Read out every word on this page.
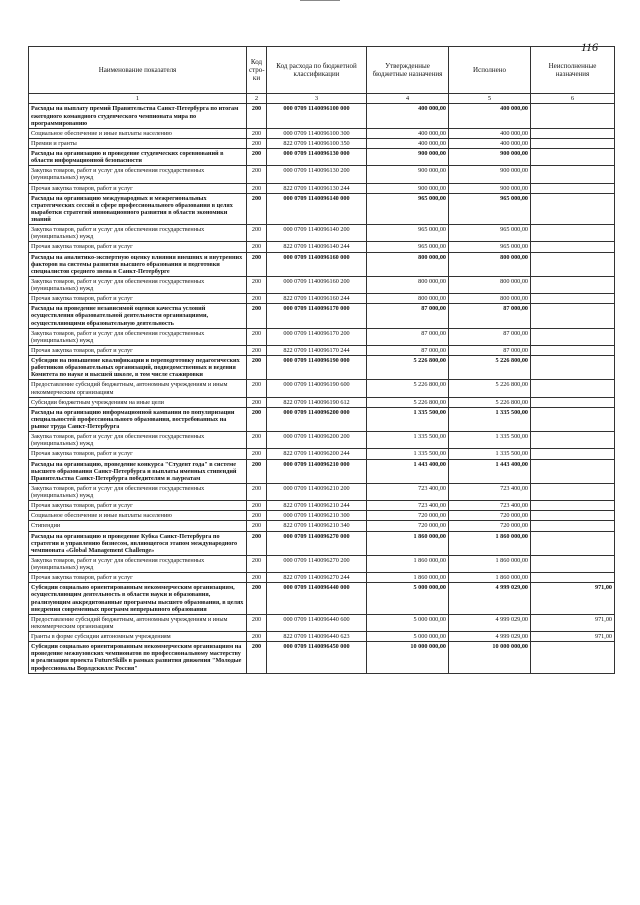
116
Наименование показателя	Код стро-ки	Код расхода по бюджетной классификации	Утвержденные бюджетные назначения	Исполнено	Неисполненные назначения
1	2	3	4	5	6
Расходы на выплату премий Правительства Санкт-Петербурга по итогам ежегодного командного студенческого чемпионата мира по программированию	200	000 0709 1140096100 000	400 000,00	400 000,00	
Социальное обеспечение и иные выплаты населению	200	000 0709 1140096100 300	400 000,00	400 000,00	
Премии и гранты	200	822 0709 1140096100 350	400 000,00	400 000,00	
Расходы на организацию и проведение студенческих соревнований в области информационной безопасности	200	000 0709 1140096130 000	900 000,00	900 000,00	
Закупка товаров, работ и услуг для обеспечения государственных (муниципальных) нужд	200	000 0709 1140096130 200	900 000,00	900 000,00	
Прочая закупка товаров, работ и услуг	200	822 0709 1140096130 244	900 000,00	900 000,00	
Расходы на организацию международных и межрегиональных стратегических сессий в сфере профессионального образования в целях выработки стратегий инновационного развития в области экономики знаний	200	000 0709 1140096140 000	965 000,00	965 000,00	
Закупка товаров, работ и услуг для обеспечения государственных (муниципальных) нужд	200	000 0709 1140096140 200	965 000,00	965 000,00	
Прочая закупка товаров, работ и услуг	200	822 0709 1140096140 244	965 000,00	965 000,00	
Расходы на аналитико-экспертную оценку влияния внешних и внутренних факторов на системы развития высшего образования и подготовки специалистов среднего звена в Санкт-Петербурге	200	000 0709 1140096160 000	800 000,00	800 000,00	
Закупка товаров, работ и услуг для обеспечения государственных (муниципальных) нужд	200	000 0709 1140096160 200	800 000,00	800 000,00	
Прочая закупка товаров, работ и услуг	200	822 0709 1140096160 244	800 000,00	800 000,00	
Расходы на проведение независимой оценки качества условий осуществления образовательной деятельности организациями, осуществляющими образовательную деятельность	200	000 0709 1140096170 000	87 000,00	87 000,00	
Закупка товаров, работ и услуг для обеспечения государственных (муниципальных) нужд	200	000 0709 1140096170 200	87 000,00	87 000,00	
Прочая закупка товаров, работ и услуг	200	822 0709 1140096170 244	87 000,00	87 000,00	
Субсидии на повышение квалификации и переподготовку педагогических работников образовательных организаций, подведомственных и ведения Комитета по науке и высшей школе, в том числе стажировки	200	000 0709 1140096190 000	5 226 800,00	5 226 800,00	
Предоставление субсидий бюджетным, автономным учреждениям и иным некоммерческим организациям	200	000 0709 1140096190 600	5 226 800,00	5 226 800,00	
Субсидии бюджетным учреждениям на иные цели	200	822 0709 1140096190 612	5 226 800,00	5 226 800,00	
Расходы на организацию информационной кампании по популяризации специальностей профессионального образования, востребованных на рынке труда Санкт-Петербурга	200	000 0709 1140096200 000	1 335 500,00	1 335 500,00	
Закупка товаров, работ и услуг для обеспечения государственных (муниципальных) нужд	200	000 0709 1140096200 200	1 335 500,00	1 335 500,00	
Прочая закупка товаров, работ и услуг	200	822 0709 1140096200 244	1 335 500,00	1 335 500,00	
Расходы на организацию, проведение конкурса "Студент года" в системе высшего образования Санкт-Петербурга и выплаты именных стипендий Правительства Санкт-Петербурга победителям и лауреатам	200	000 0709 1140096210 000	1 443 400,00	1 443 400,00	
Закупка товаров, работ и услуг для обеспечения государственных (муниципальных) нужд	200	000 0709 1140096210 200	723 400,00	723 400,00	
Прочая закупка товаров, работ и услуг	200	822 0709 1140096210 244	723 400,00	723 400,00	
Социальное обеспечение и иные выплаты населению	200	000 0709 1140096210 300	720 000,00	720 000,00	
Стипендии	200	822 0709 1140096210 340	720 000,00	720 000,00	
Расходы на организацию и проведение Кубка Санкт-Петербурга по стратегии и управлению бизнесом, являющегося этапом международного чемпионата «Global Management Challenge»	200	000 0709 1140096270 000	1 860 000,00	1 860 000,00	
Закупка товаров, работ и услуг для обеспечения государственных (муниципальных) нужд	200	000 0709 1140096270 200	1 860 000,00	1 860 000,00	
Прочая закупка товаров, работ и услуг	200	822 0709 1140096270 244	1 860 000,00	1 860 000,00	
Субсидии социально ориентированным некоммерческим организациям, осуществляющим деятельность в области науки и образования, реализующим аккредитованные программы высшего образования, в целях внедрения современных программ непрерывного образования	200	000 0709 1140096440 000	5 000 000,00	4 999 029,00	971,00
Предоставление субсидий бюджетным, автономным учреждениям и иным некоммерческим организациям	200	000 0709 1140096440 600	5 000 000,00	4 999 029,00	971,00
Гранты в форме субсидии автономным учреждениям	200	822 0709 1140096440 623	5 000 000,00	4 999 029,00	971,00
Субсидии социально ориентированным некоммерческим организациям на проведение межвузовских чемпионатов по профессиональному мастерству и реализации проекта FutureSkills в рамках развития движения "Молодые профессионалы Ворлдскиллс Россия"	200	000 0709 1140096450 000	10 000 000,00	10 000 000,00	
